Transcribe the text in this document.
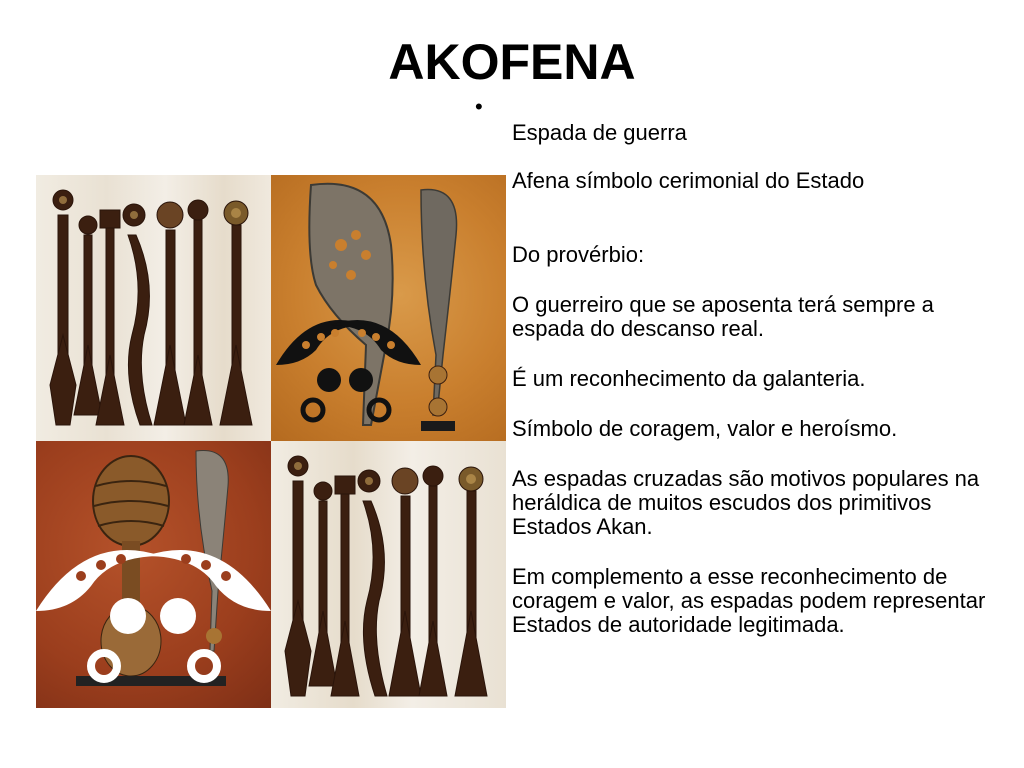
AKOFENA
•

Espada de guerra

Afena símbolo cerimonial do Estado

Do provérbio:

O guerreiro que se aposenta terá sempre a espada do descanso real.

É um reconhecimento da galanteria.

Símbolo de coragem, valor e heroísmo.

As espadas cruzadas são motivos populares na heráldica de muitos escudos dos primitivos Estados Akan.

Em complemento a esse reconhecimento de coragem e valor, as espadas podem representar Estados de autoridade legitimada.
